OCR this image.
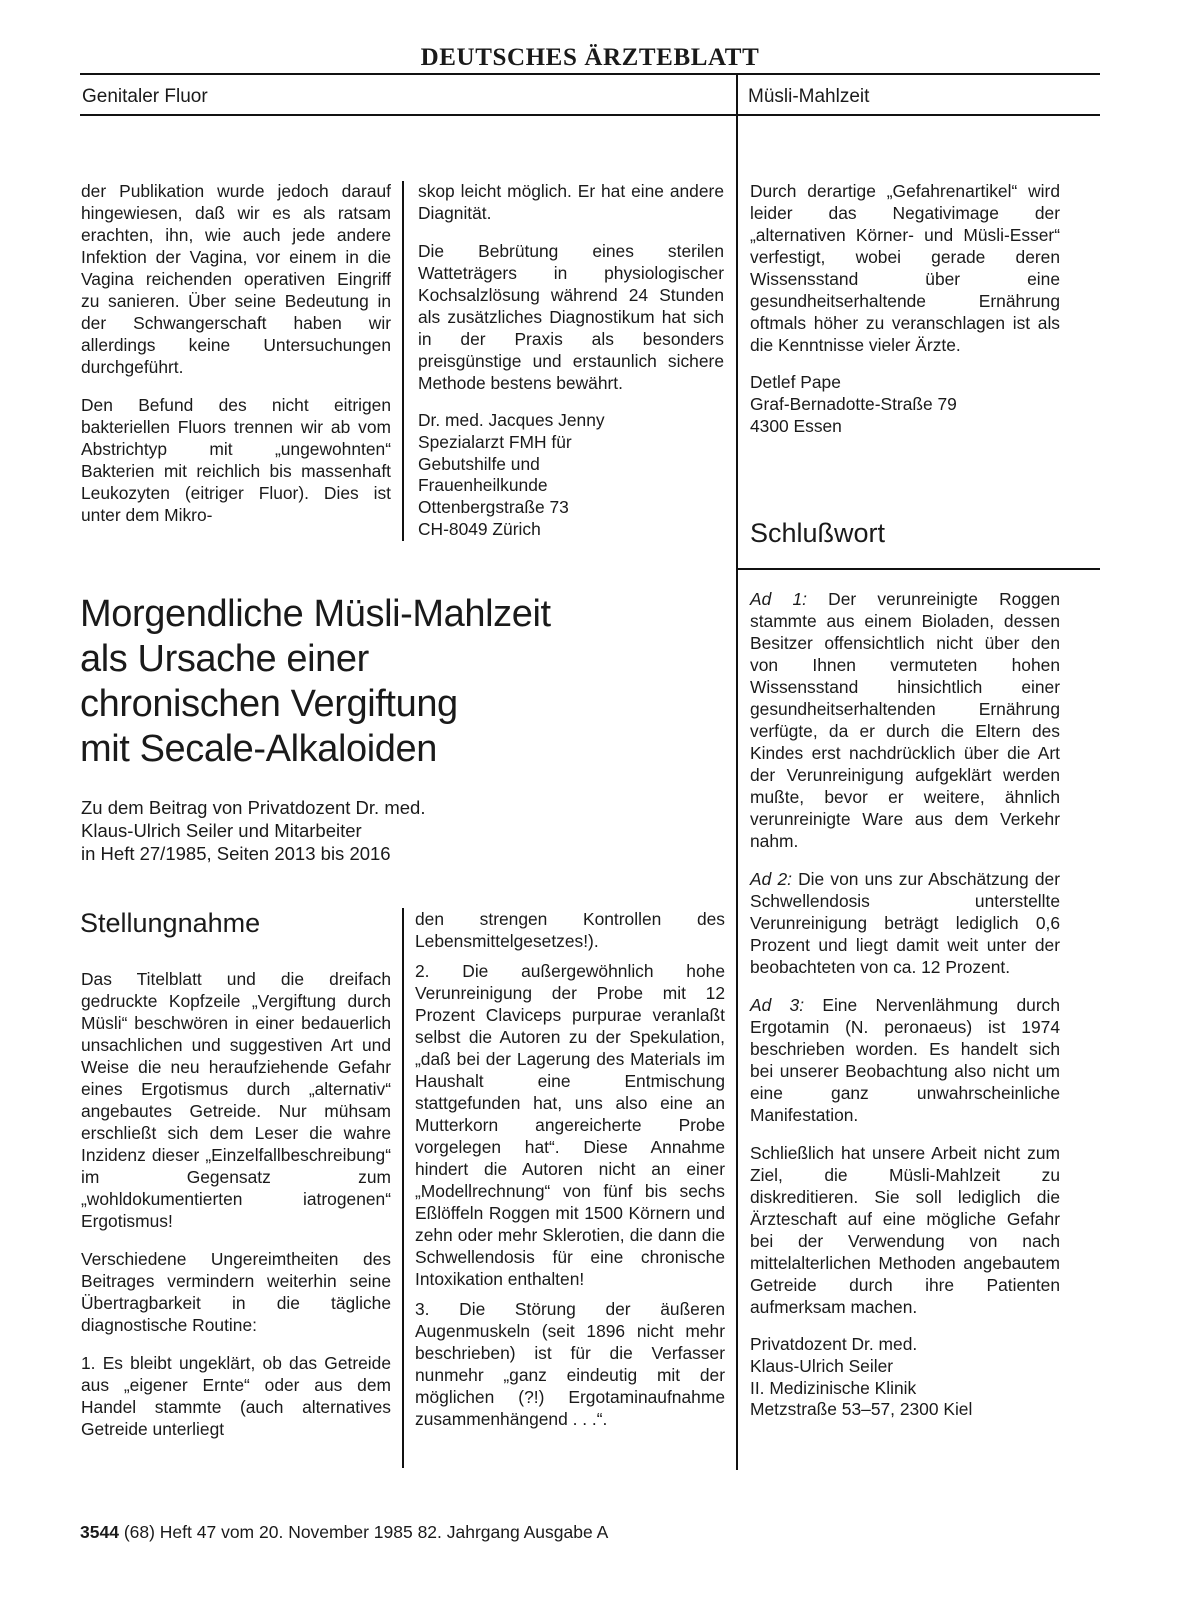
DEUTSCHES ÄRZTEBLATT
Genitaler Fluor	Müsli-Mahlzeit

der Publikation wurde jedoch darauf hingewiesen, daß wir es als ratsam erachten, ihn, wie auch jede andere Infektion der Vagina, vor einem in die Vagina reichenden operativen Eingriff zu sanieren. Über seine Bedeutung in der Schwangerschaft haben wir allerdings keine Untersuchungen durchgeführt.

Den Befund des nicht eitrigen bakteriellen Fluors trennen wir ab vom Abstrichtyp mit „ungewohnten“ Bakterien mit reichlich bis massenhaft Leukozyten (eitriger Fluor). Dies ist unter dem Mikro-

skop leicht möglich. Er hat eine andere Diagnität.

Die Bebrütung eines sterilen Watteträgers in physiologischer Kochsalzlösung während 24 Stunden als zusätzliches Diagnostikum hat sich in der Praxis als besonders preisgünstige und erstaunlich sichere Methode bestens bewährt.

Dr. med. Jacques Jenny
Spezialarzt FMH für
Gebutshilfe und
Frauenheilkunde
Ottenbergstraße 73
CH-8049 Zürich
Morgendliche Müsli-Mahlzeit
als Ursache einer
chronischen Vergiftung
mit Secale-Alkaloiden
Zu dem Beitrag von Privatdozent Dr. med.
Klaus-Ulrich Seiler und Mitarbeiter
in Heft 27/1985, Seiten 2013 bis 2016
Stellungnahme

Das Titelblatt und die dreifach gedruckte Kopfzeile „Vergiftung durch Müsli“ beschwören in einer bedauerlich unsachlichen und suggestiven Art und Weise die neu heraufziehende Gefahr eines Ergotismus durch „alternativ“ angebautes Getreide. Nur mühsam erschließt sich dem Leser die wahre Inzidenz dieser „Einzelfallbeschreibung“ im Gegensatz zum „wohldokumentierten iatrogenen“ Ergotismus!

Verschiedene Ungereimtheiten des Beitrages vermindern weiterhin seine Übertragbarkeit in die tägliche diagnostische Routine:

1. Es bleibt ungeklärt, ob das Getreide aus „eigener Ernte“ oder aus dem Handel stammte (auch alternatives Getreide unterliegt

den strengen Kontrollen des Lebensmittelgesetzes!).

2. Die außergewöhnlich hohe Verunreinigung der Probe mit 12 Prozent Claviceps purpurae veranlaßt selbst die Autoren zu der Spekulation, „daß bei der Lagerung des Materials im Haushalt eine Entmischung stattgefunden hat, uns also eine an Mutterkorn angereicherte Probe vorgelegen hat“. Diese Annahme hindert die Autoren nicht an einer „Modellrechnung“ von fünf bis sechs Eßlöffeln Roggen mit 1500 Körnern und zehn oder mehr Sklerotien, die dann die Schwellendosis für eine chronische Intoxikation enthalten!

3. Die Störung der äußeren Augenmuskeln (seit 1896 nicht mehr beschrieben) ist für die Verfasser nunmehr „ganz eindeutig mit der möglichen (?!) Ergotaminaufnahme zusammenhängend . . .“.

Durch derartige „Gefahrenartikel“ wird leider das Negativimage der „alternativen Körner- und Müsli-Esser“ verfestigt, wobei gerade deren Wissensstand über eine gesundheitserhaltende Ernährung oftmals höher zu veranschlagen ist als die Kenntnisse vieler Ärzte.

Detlef Pape
Graf-Bernadotte-Straße 79
4300 Essen
Schlußwort

Ad 1: Der verunreinigte Roggen stammte aus einem Bioladen, dessen Besitzer offensichtlich nicht über den von Ihnen vermuteten hohen Wissensstand hinsichtlich einer gesundheitserhaltenden Ernährung verfügte, da er durch die Eltern des Kindes erst nachdrücklich über die Art der Verunreinigung aufgeklärt werden mußte, bevor er weitere, ähnlich verunreinigte Ware aus dem Verkehr nahm.

Ad 2: Die von uns zur Abschätzung der Schwellendosis unterstellte Verunreinigung beträgt lediglich 0,6 Prozent und liegt damit weit unter der beobachteten von ca. 12 Prozent.

Ad 3: Eine Nervenlähmung durch Ergotamin (N. peronaeus) ist 1974 beschrieben worden. Es handelt sich bei unserer Beobachtung also nicht um eine ganz unwahrscheinliche Manifestation.

Schließlich hat unsere Arbeit nicht zum Ziel, die Müsli-Mahlzeit zu diskreditieren. Sie soll lediglich die Ärzteschaft auf eine mögliche Gefahr bei der Verwendung von nach mittelalterlichen Methoden angebautem Getreide durch ihre Patienten aufmerksam machen.

Privatdozent Dr. med.
Klaus-Ulrich Seiler
II. Medizinische Klinik
Metzstraße 53–57, 2300 Kiel
3544 (68) Heft 47 vom 20. November 1985 82. Jahrgang Ausgabe A
